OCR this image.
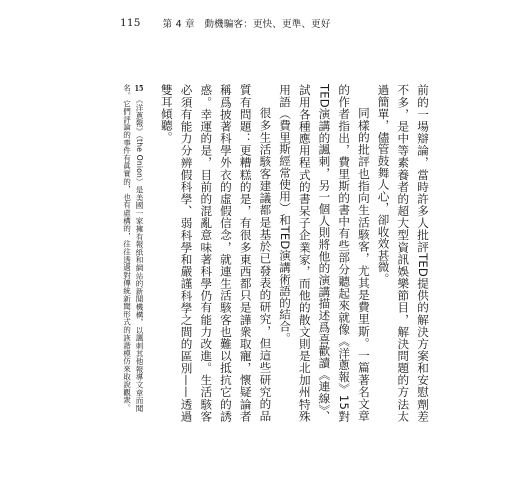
115 第 4 章　動機騙客：更快、更準、更好

前的一場辯論，當時許多人批評TED提供的解決方案和安慰劑差不多，是中等素養者的超大型資訊娛樂節目，解決問題的方法太過簡單，儘管鼓舞人心，卻收效甚微。

同樣的批評也指向生活駭客，尤其是費里斯。一篇著名文章的作者指出，費里斯的書中有些部分聽起來就像《洋蔥報》15對TED演講的諷刺，另一個人則將他的演講描述爲喜歡讀《連線》、試用各種應用程式的書呆子企業家，而他的散文則是北加州特殊用語（費里斯經常使用）和TED演講術語的結合。

很多生活駭客建議都是基於已發表的研究，但這些研究的品質有問題：更糟糕的是，有很多東西都只是譁衆取寵，懷疑論者稱爲披著科學外衣的虛假信念，就連生活駭客也難以抵抗它的誘惑。幸運的是，目前的混亂意味著科學仍有能力改進。生活駭客必須有能力分辨假科學、弱科學和嚴謹科學之間的區別——透過雙耳傾聽。

15　《洋蔥報》（the Onion）是美國一家擁有報紙和網站的新聞機構，以諷刺其他報導文章而聞名。它們評論的事件有眞實的，也有虛構的，往往透過對傳統新聞形式的詼諧模仿來取說觀衆。
